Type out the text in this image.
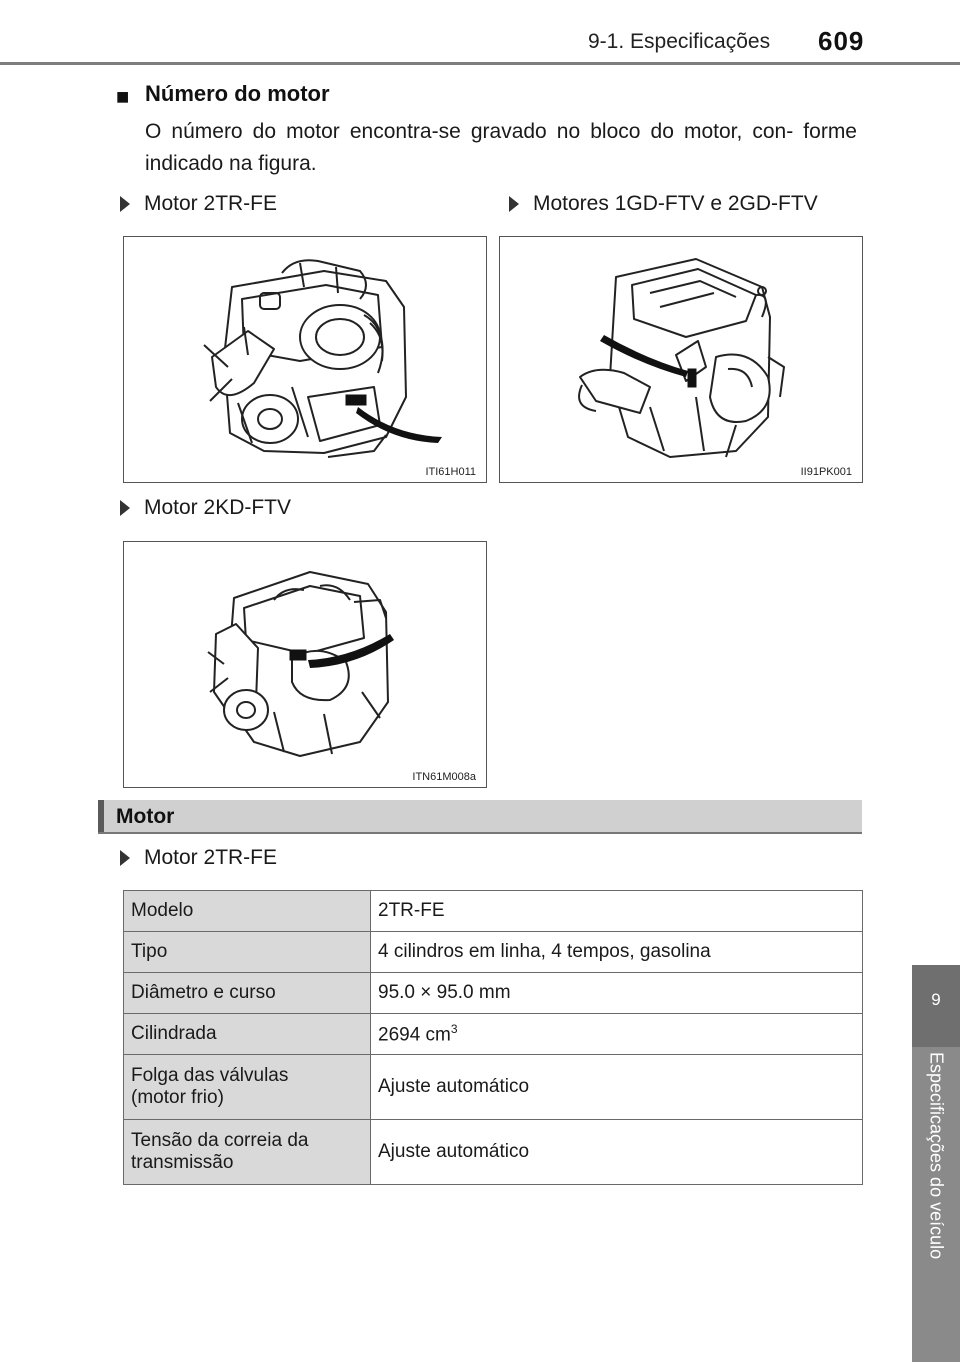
9-1. Especificações 609
9
Especificações do veículo
■ Número do motor
O número do motor encontra-se gravado no bloco do motor, con- forme indicado na figura.
Motor 2TR-FE	Motores 1GD-FTV e 2GD-FTV
Motor 2KD-FTV
ITI61H011	II91PK001
ITN61M008a
Motor
Motor 2TR-FE
Modelo	2TR-FE
Tipo	4 cilindros em linha, 4 tempos, gasolina
Diâmetro e curso	95.0 × 95.0 mm
Cilindrada	2694 $cm^3$

Folga das válvulas
(motor frio)	Ajuste automático

Tensão da correia da
transmissão	Ajuste automático
